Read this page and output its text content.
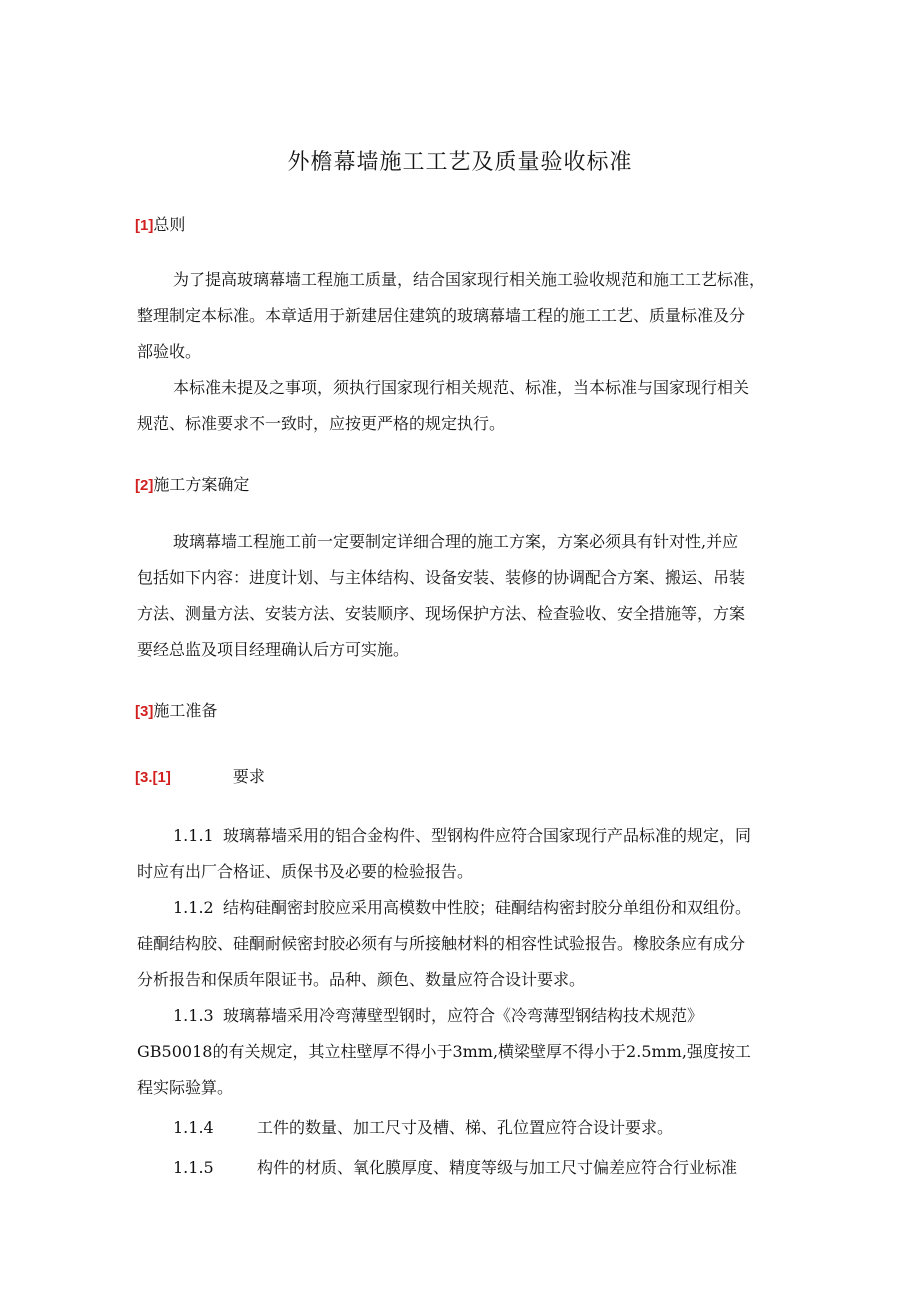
外檐幕墙施工工艺及质量验收标准
[1]总则
为了提高玻璃幕墙工程施工质量，结合国家现行相关施工验收规范和施工工艺标准，
整理制定本标准。本章适用于新建居住建筑的玻璃幕墙工程的施工工艺、质量标准及分
部验收。
本标准未提及之事项，须执行国家现行相关规范、标准，当本标准与国家现行相关
规范、标准要求不一致时，应按更严格的规定执行。
[2]施工方案确定
玻璃幕墙工程施工前一定要制定详细合理的施工方案，方案必须具有针对性,并应
包括如下内容：进度计划、与主体结构、设备安装、装修的协调配合方案、搬运、吊装
方法、测量方法、安装方法、安装顺序、现场保护方法、检查验收、安全措施等，方案
要经总监及项目经理确认后方可实施。
[3]施工准备
[3.[1]	要求
1.1.1 玻璃幕墙采用的铝合金构件、型钢构件应符合国家现行产品标准的规定，同
时应有出厂合格证、质保书及必要的检验报告。
1.1.2 结构硅酮密封胶应采用高模数中性胶；硅酮结构密封胶分单组份和双组份。
硅酮结构胶、硅酮耐候密封胶必须有与所接触材料的相容性试验报告。橡胶条应有成分
分析报告和保质年限证书。品种、颜色、数量应符合设计要求。
1.1.3 玻璃幕墙采用冷弯薄壁型钢时，应符合《冷弯薄型钢结构技术规范》
GB50018的有关规定，其立柱壁厚不得小于3mm,横梁壁厚不得小于2.5mm,强度按工
程实际验算。
1.1.4	工件的数量、加工尺寸及槽、梯、孔位置应符合设计要求。
1.1.5	构件的材质、氧化膜厚度、精度等级与加工尺寸偏差应符合行业标准
